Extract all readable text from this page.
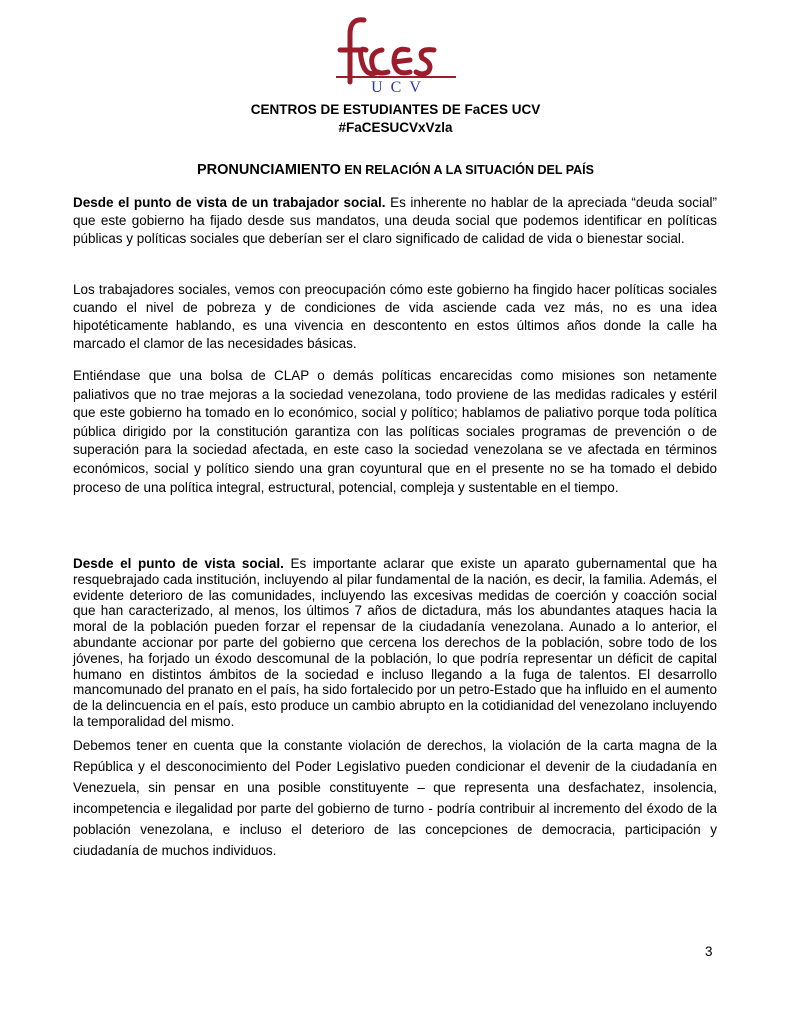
UCV
CENTROS DE ESTUDIANTES DE FaCES UCV
#FaCESUCVxVzla
PRONUNCIAMIENTO EN RELACIÓN A LA SITUACIÓN DEL PAÍS

Desde el punto de vista de un trabajador social. Es inherente no hablar de la apreciada “deuda social” que este gobierno ha fijado desde sus mandatos, una deuda social que podemos identificar en políticas públicas y políticas sociales que deberían ser el claro significado de calidad de vida o bienestar social.

Los trabajadores sociales, vemos con preocupación cómo este gobierno ha fingido hacer políticas sociales cuando el nivel de pobreza y de condiciones de vida asciende cada vez más, no es una idea hipotéticamente hablando, es una vivencia en descontento en estos últimos años donde la calle ha marcado el clamor de las necesidades básicas.

Entiéndase que una bolsa de CLAP o demás políticas encarecidas como misiones son netamente paliativos que no trae mejoras a la sociedad venezolana, todo proviene de las medidas radicales y estéril que este gobierno ha tomado en lo económico, social y político; hablamos de paliativo porque toda política pública dirigido por la constitución garantiza con las políticas sociales programas de prevención o de superación para la sociedad afectada, en este caso la sociedad venezolana se ve afectada en términos económicos, social y político siendo una gran coyuntural que en el presente no se ha tomado el debido proceso de una política integral, estructural, potencial, compleja y sustentable en el tiempo.

Desde el punto de vista social. Es importante aclarar que existe un aparato gubernamental que ha resquebrajado cada institución, incluyendo al pilar fundamental de la nación, es decir, la familia. Además, el evidente deterioro de las comunidades, incluyendo las excesivas medidas de coerción y coacción social que han caracterizado, al menos, los últimos 7 años de dictadura, más los abundantes ataques hacia la moral de la población pueden forzar el repensar de la ciudadanía venezolana. Aunado a lo anterior, el abundante accionar por parte del gobierno que cercena los derechos de la población, sobre todo de los jóvenes, ha forjado un éxodo descomunal de la población, lo que podría representar un déficit de capital humano en distintos ámbitos de la sociedad e incluso llegando a la fuga de talentos. El desarrollo mancomunado del pranato en el país, ha sido fortalecido por un petro-Estado que ha influido en el aumento de la delincuencia en el país, esto produce un cambio abrupto en la cotidianidad del venezolano incluyendo la temporalidad del mismo.

Debemos tener en cuenta que la constante violación de derechos, la violación de la carta magna de la República y el desconocimiento del Poder Legislativo pueden condicionar el devenir de la ciudadanía en Venezuela, sin pensar en una posible constituyente – que representa una desfachatez, insolencia, incompetencia e ilegalidad por parte del gobierno de turno - podría contribuir al incremento del éxodo de la población venezolana, e incluso el deterioro de las concepciones de democracia, participación y ciudadanía de muchos individuos.

3
